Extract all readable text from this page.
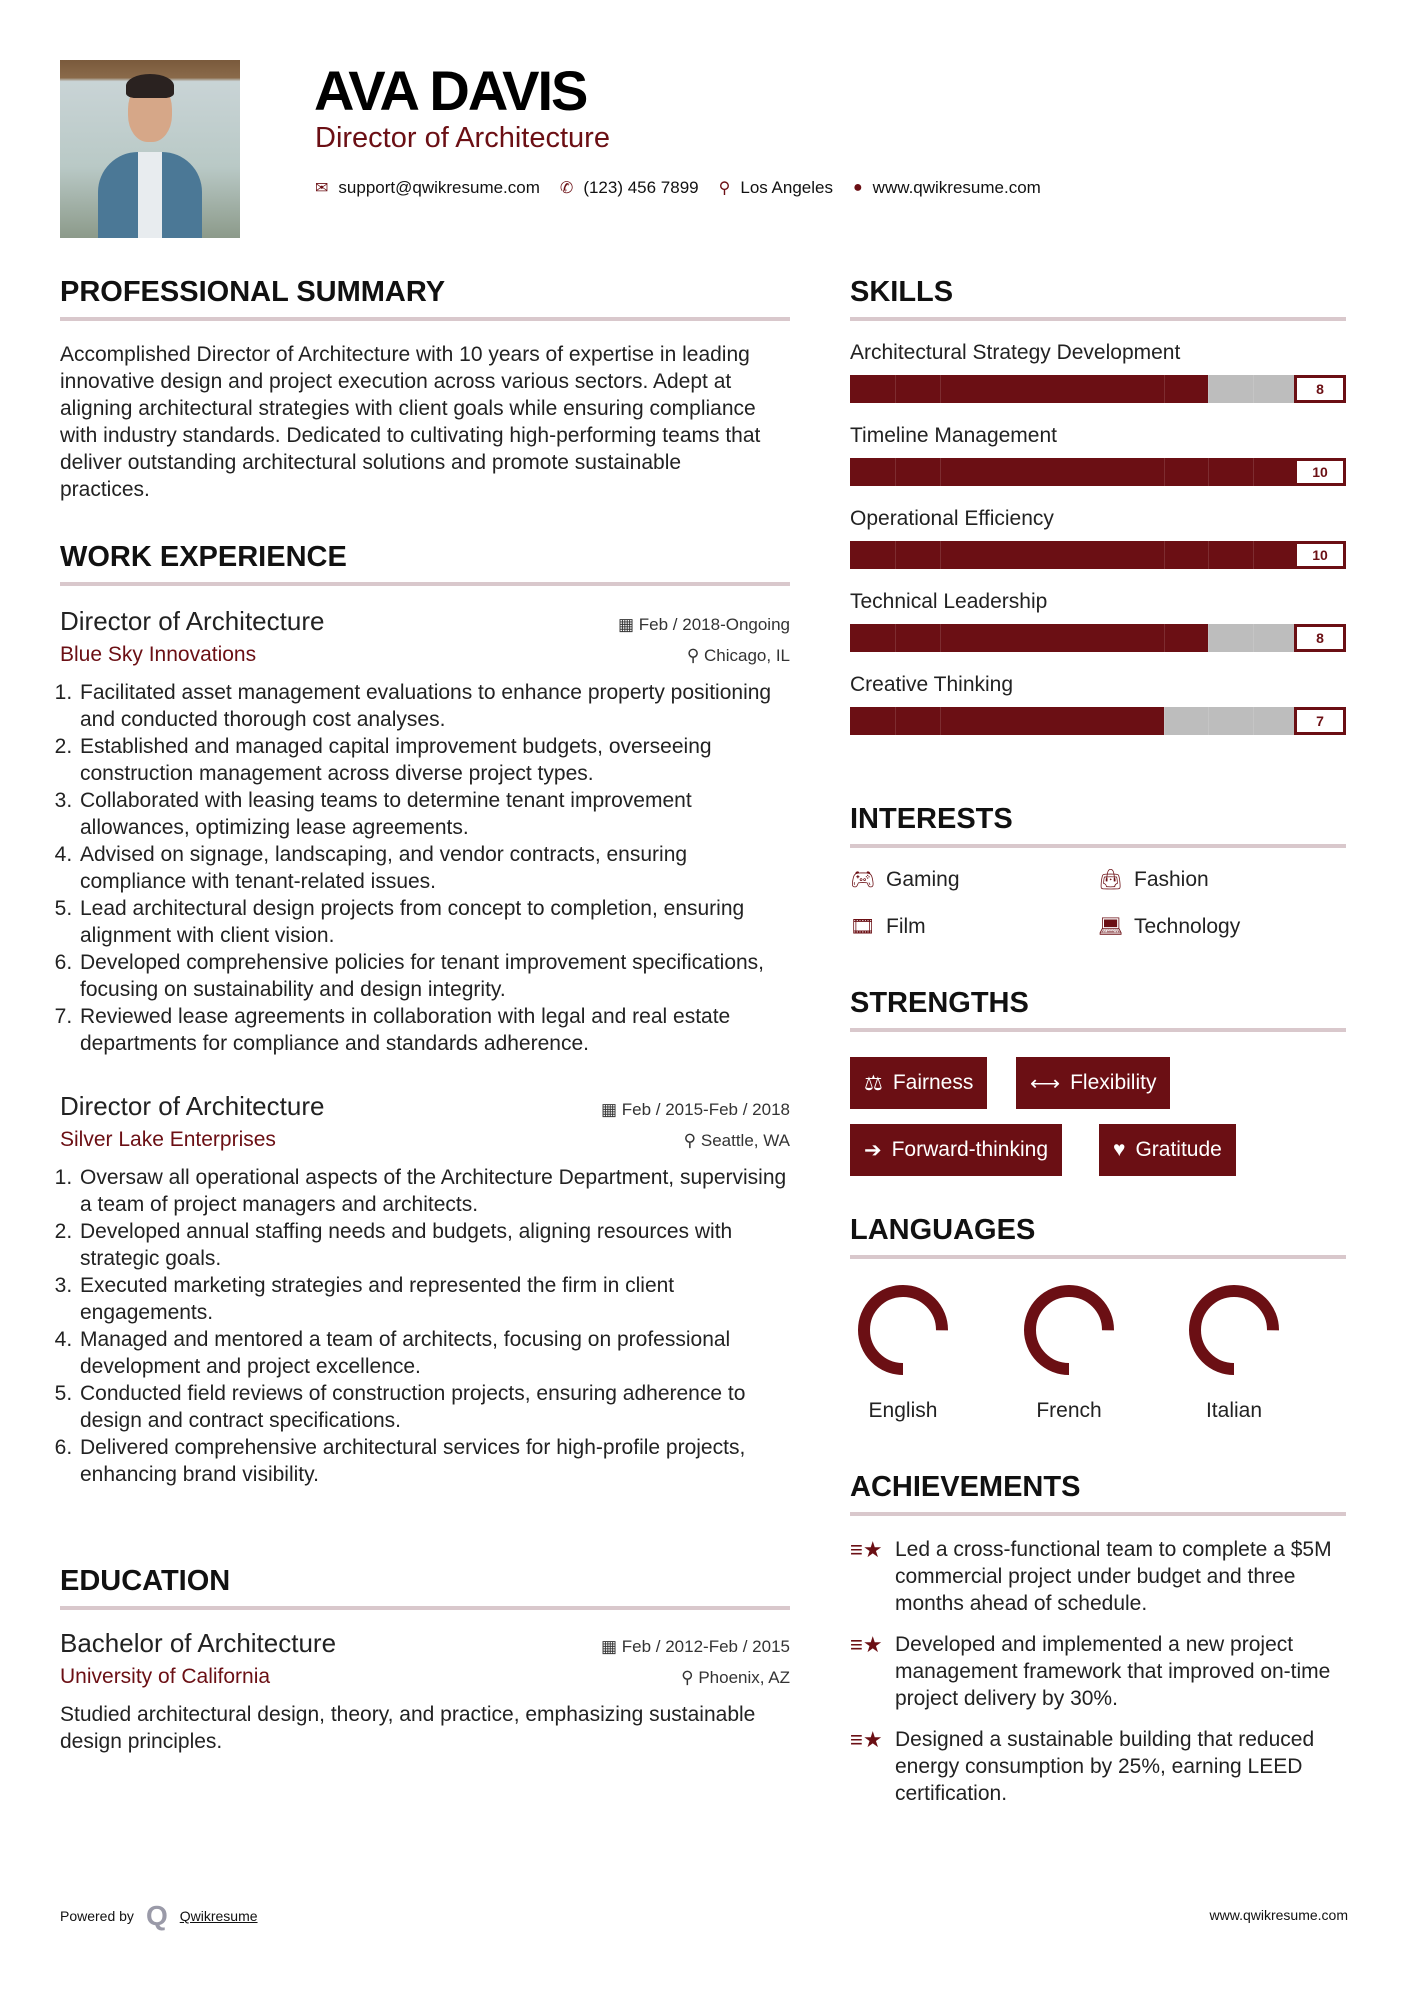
AVA DAVIS
Director of Architecture
✉ support@qwikresume.com ✆ (123) 456 7899 ⚲ Los Angeles ● www.qwikresume.com
PROFESSIONAL SUMMARY

Accomplished Director of Architecture with 10 years of expertise in leading innovative design and project execution across various sectors. Adept at aligning architectural strategies with client goals while ensuring compliance with industry standards. Dedicated to cultivating high-performing teams that deliver outstanding architectural solutions and promote sustainable practices.

WORK EXPERIENCE
Director of Architecture	▦ Feb / 2018-Ongoing
Blue Sky Innovations	⚲ Chicago, IL
1. Facilitated asset management evaluations to enhance property positioning and conducted thorough cost analyses.
2. Established and managed capital improvement budgets, overseeing construction management across diverse project types.
3. Collaborated with leasing teams to determine tenant improvement allowances, optimizing lease agreements.
4. Advised on signage, landscaping, and vendor contracts, ensuring compliance with tenant-related issues.
5. Lead architectural design projects from concept to completion, ensuring alignment with client vision.
6. Developed comprehensive policies for tenant improvement specifications, focusing on sustainability and design integrity.
7. Reviewed lease agreements in collaboration with legal and real estate departments for compliance and standards adherence.
Director of Architecture	▦ Feb / 2015-Feb / 2018
Silver Lake Enterprises	⚲ Seattle, WA
1. Oversaw all operational aspects of the Architecture Department, supervising a team of project managers and architects.
2. Developed annual staffing needs and budgets, aligning resources with strategic goals.
3. Executed marketing strategies and represented the firm in client engagements.
4. Managed and mentored a team of architects, focusing on professional development and project excellence.
5. Conducted field reviews of construction projects, ensuring adherence to design and contract specifications.
6. Delivered comprehensive architectural services for high-profile projects, enhancing brand visibility.
EDUCATION
Bachelor of Architecture	▦ Feb / 2012-Feb / 2015
University of California	⚲ Phoenix, AZ

Studied architectural design, theory, and practice, emphasizing sustainable design principles.

SKILLS
Architectural Strategy Development
8
Timeline Management
10
Operational Efficiency
10
Technical Leadership
8
Creative Thinking
7
INTERESTS
🎮︎ Gaming	👜︎ Fashion
🎞︎ Film	💻︎ Technology
STRENGTHS
⚖ Fairness	⟷ Flexibility
➔ Forward-thinking	♥ Gratitude
LANGUAGES
English	French	Italian
ACHIEVEMENTS
≡★ Led a cross-functional team to complete a $5M commercial project under budget and three months ahead of schedule.
≡★ Developed and implemented a new project management framework that improved on-time project delivery by 30%.
≡★ Designed a sustainable building that reduced energy consumption by 25%, earning LEED certification.
Powered by Q Qwikresume	www.qwikresume.com
